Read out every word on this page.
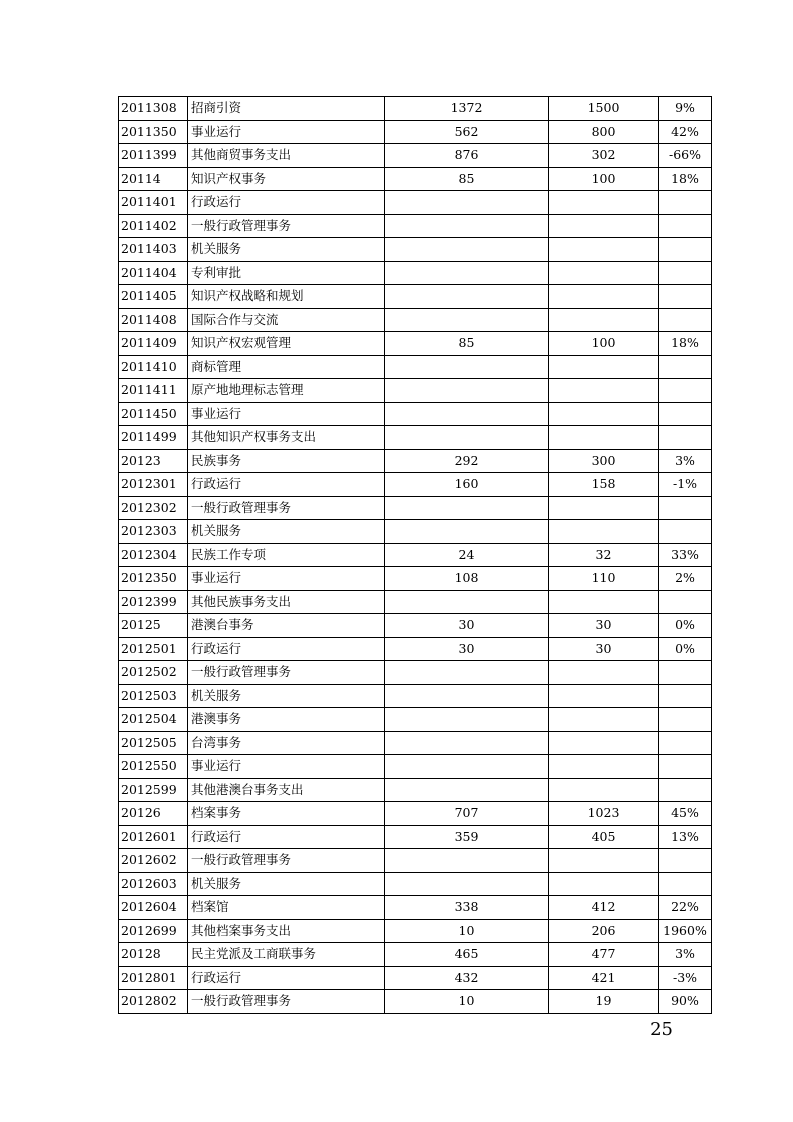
2011308	招商引资	1372	1500	9%
2011350	事业运行	562	800	42%
2011399	其他商贸事务支出	876	302	-66%
20114	知识产权事务	85	100	18%
2011401	行政运行			
2011402	一般行政管理事务			
2011403	机关服务			
2011404	专利审批			
2011405	知识产权战略和规划			
2011408	国际合作与交流			
2011409	知识产权宏观管理	85	100	18%
2011410	商标管理			
2011411	原产地地理标志管理			
2011450	事业运行			
2011499	其他知识产权事务支出			
20123	民族事务	292	300	3%
2012301	行政运行	160	158	-1%
2012302	一般行政管理事务			
2012303	机关服务			
2012304	民族工作专项	24	32	33%
2012350	事业运行	108	110	2%
2012399	其他民族事务支出			
20125	港澳台事务	30	30	0%
2012501	行政运行	30	30	0%
2012502	一般行政管理事务			
2012503	机关服务			
2012504	港澳事务			
2012505	台湾事务			
2012550	事业运行			
2012599	其他港澳台事务支出			
20126	档案事务	707	1023	45%
2012601	行政运行	359	405	13%
2012602	一般行政管理事务			
2012603	机关服务			
2012604	档案馆	338	412	22%
2012699	其他档案事务支出	10	206	1960%
20128	民主党派及工商联事务	465	477	3%
2012801	行政运行	432	421	-3%
2012802	一般行政管理事务	10	19	90%
25
